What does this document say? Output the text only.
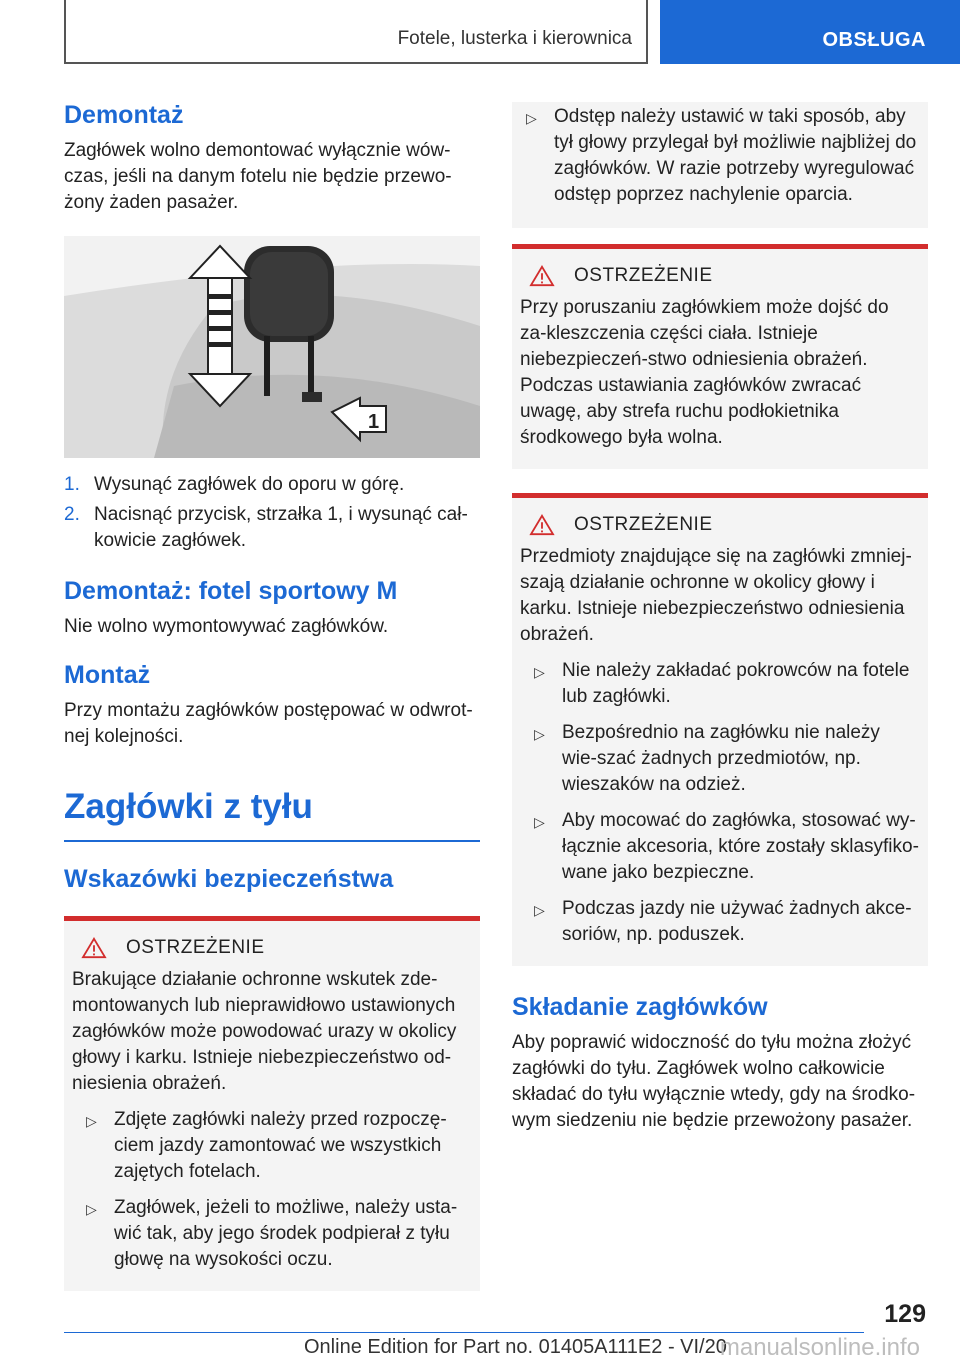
Fotele, lusterka i kierownica	OBSŁUGA
Demontaż

Zagłówek wolno demontować wyłącznie wów-czas, jeśli na danym fotelu nie będzie przewo-żony żaden pasażer.

1
1. Wysunąć zagłówek do oporu w górę.
2. Nacisnąć przycisk, strzałka 1, i wysunąć cał-kowicie zagłówek.
Demontaż: fotel sportowy M

Nie wolno wymontowywać zagłówków.

Montaż

Przy montażu zagłówków postępować w odwrot-nej kolejności.

Zagłówki z tyłu
Wskazówki bezpieczeństwa
OSTRZEŻENIE

Brakujące działanie ochronne wskutek zde-montowanych lub nieprawidłowo ustawionych zagłówków może powodować urazy w okolicy głowy i karku. Istnieje niebezpieczeństwo od-niesienia obrażeń.

▷ Zdjęte zagłówki należy przed rozpoczę-ciem jazdy zamontować we wszystkich zajętych fotelach.
▷ Zagłówek, jeżeli to możliwe, należy usta-wić tak, aby jego środek podpierał z tyłu głowę na wysokości oczu.
▷ Odstęp należy ustawić w taki sposób, aby tył głowy przylegał był możliwie najbliżej do zagłówków. W razie potrzeby wyregulować odstęp poprzez nachylenie oparcia.
OSTRZEŻENIE

Przy poruszaniu zagłówkiem może dojść do za-kleszczenia części ciała. Istnieje niebezpieczeń-stwo odniesienia obrażeń. Podczas ustawiania zagłówków zwracać uwagę, aby strefa ruchu podłokietnika środkowego była wolna.

OSTRZEŻENIE

Przedmioty znajdujące się na zagłówki zmniej-szają działanie ochronne w okolicy głowy i karku. Istnieje niebezpieczeństwo odniesienia obrażeń.

▷ Nie należy zakładać pokrowców na fotele lub zagłówki.
▷ Bezpośrednio na zagłówku nie należy wie-szać żadnych przedmiotów, np. wieszaków na odzież.
▷ Aby mocować do zagłówka, stosować wy-łącznie akcesoria, które zostały sklasyfiko-wane jako bezpieczne.
▷ Podczas jazdy nie używać żadnych akce-soriów, np. poduszek.
Składanie zagłówków

Aby poprawić widoczność do tyłu można złożyć zagłówki do tyłu. Zagłówek wolno całkowicie składać do tyłu wyłącznie wtedy, gdy na środko-wym siedzeniu nie będzie przewożony pasażer.

129
Online Edition for Part no. 01405A111E2 - VI/20
manualsonline.info
